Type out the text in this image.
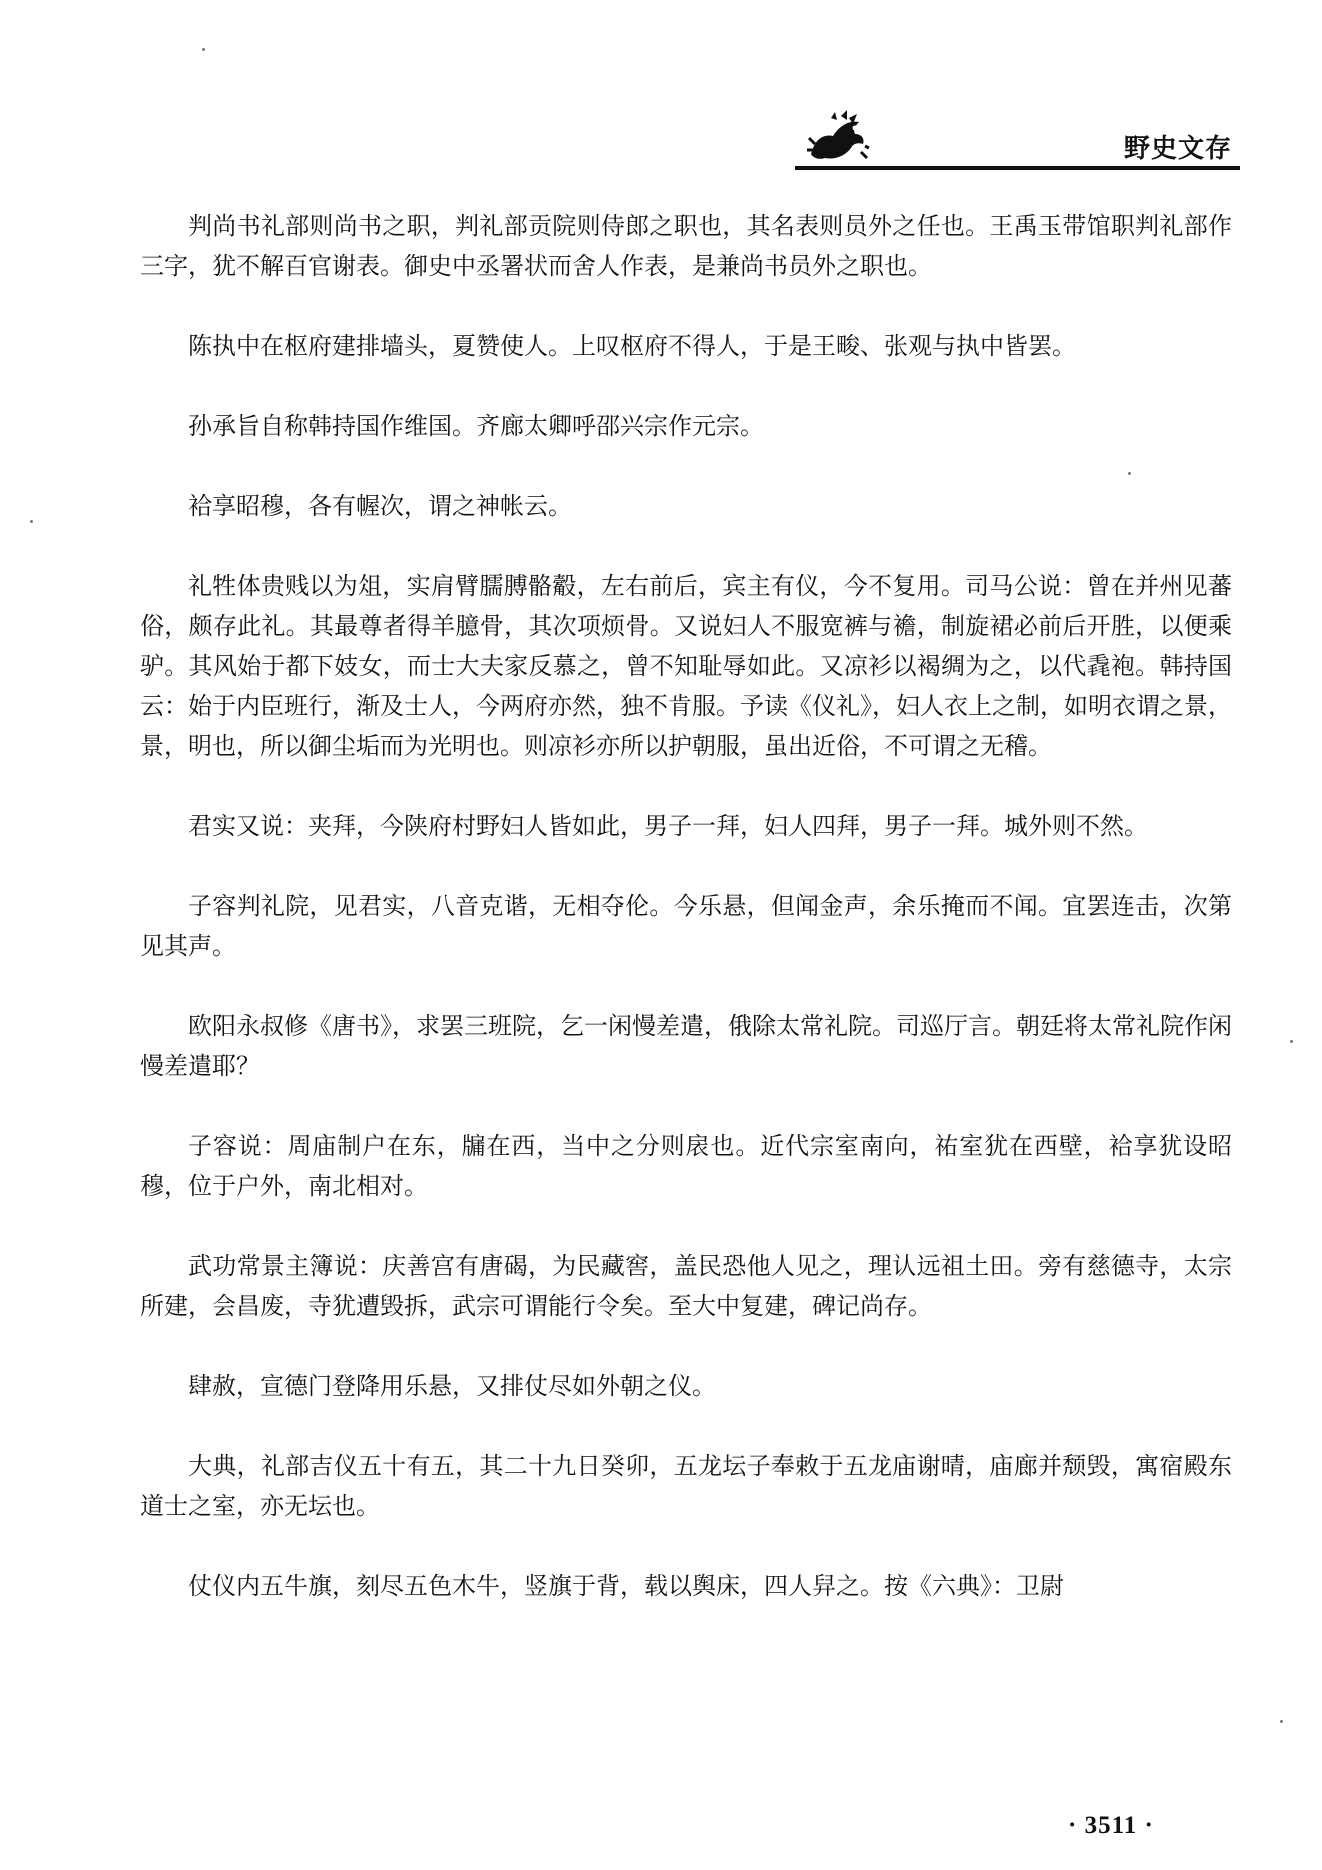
野史文存

判尚书礼部则尚书之职，判礼部贡院则侍郎之职也，其名表则员外之任也。王禹玉带馆职判礼部作三字，犹不解百官谢表。御史中丞署状而舍人作表，是兼尚书员外之职也。

陈执中在枢府建排墙头，夏赞使人。上叹枢府不得人，于是王畯、张观与执中皆罢。

孙承旨自称韩持国作维国。齐廊太卿呼邵兴宗作元宗。

袷享昭穆，各有幄次，谓之神帐云。

礼牲体贵贱以为俎，实肩臂臑膊骼觳，左右前后，宾主有仪，今不复用。司马公说：曾在并州见蕃俗，颇存此礼。其最尊者得羊臆骨，其次项烦骨。又说妇人不服宽裤与襜，制旋裙必前后开胜，以便乘驴。其风始于都下妓女，而士大夫家反慕之，曾不知耻辱如此。又凉衫以褐绸为之，以代毳袍。韩持国云：始于内臣班行，渐及士人，今两府亦然，独不肯服。予读《仪礼》，妇人衣上之制，如明衣谓之景，景，明也，所以御尘垢而为光明也。则凉衫亦所以护朝服，虽出近俗，不可谓之无稽。

君实又说：夹拜，今陕府村野妇人皆如此，男子一拜，妇人四拜，男子一拜。城外则不然。

子容判礼院，见君实，八音克谐，无相夺伦。今乐悬，但闻金声，余乐掩而不闻。宜罢连击，次第见其声。

欧阳永叔修《唐书》，求罢三班院，乞一闲慢差遣，俄除太常礼院。司巡厅言。朝廷将太常礼院作闲慢差遣耶？

子容说：周庙制户在东，牖在西，当中之分则扆也。近代宗室南向，祐室犹在西壁，袷享犹设昭穆，位于户外，南北相对。

武功常景主簿说：庆善宫有唐碣，为民藏窖，盖民恐他人见之，理认远祖土田。旁有慈德寺，太宗所建，会昌废，寺犹遭毁拆，武宗可谓能行令矣。至大中复建，碑记尚存。

肆赦，宣德门登降用乐悬，又排仗尽如外朝之仪。

大典，礼部吉仪五十有五，其二十九日癸卯，五龙坛子奉敕于五龙庙谢晴，庙廊并颓毁，寓宿殿东道士之室，亦无坛也。

仗仪内五牛旗，刻尽五色木牛，竖旗于背，载以舆床，四人舁之。按《六典》：卫尉

· 3511 ·
